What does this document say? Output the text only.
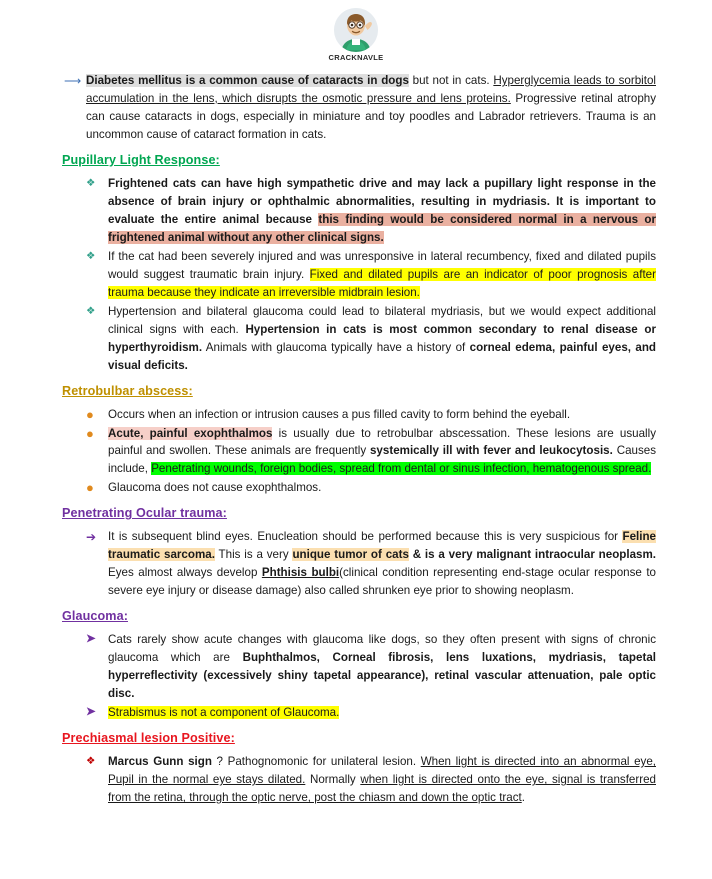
CRACKNAVLE
⟶ Diabetes mellitus is a common cause of cataracts in dogs but not in cats. Hyperglycemia leads to sorbitol accumulation in the lens, which disrupts the osmotic pressure and lens proteins. Progressive retinal atrophy can cause cataracts in dogs, especially in miniature and toy poodles and Labrador retrievers. Trauma is an uncommon cause of cataract formation in cats.
Pupillary Light Response:
❖	Frightened cats can have high sympathetic drive and may lack a pupillary light response in the absence of brain injury or ophthalmic abnormalities, resulting in mydriasis. It is important to evaluate the entire animal because this finding would be considered normal in a nervous or frightened animal without any other clinical signs.
❖	If the cat had been severely injured and was unresponsive in lateral recumbency, fixed and dilated pupils would suggest traumatic brain injury. Fixed and dilated pupils are an indicator of poor prognosis after trauma because they indicate an irreversible midbrain lesion.
❖	Hypertension and bilateral glaucoma could lead to bilateral mydriasis, but we would expect additional clinical signs with each. Hypertension in cats is most common secondary to renal disease or hyperthyroidism. Animals with glaucoma typically have a history of corneal edema, painful eyes, and visual deficits.
Retrobulbar abscess:
●	Occurs when an infection or intrusion causes a pus filled cavity to form behind the eyeball.
●	Acute, painful exophthalmos is usually due to retrobulbar abscessation. These lesions are usually painful and swollen. These animals are frequently systemically ill with fever and leukocytosis. Causes include, Penetrating wounds, foreign bodies, spread from dental or sinus infection, hematogenous spread.
●	Glaucoma does not cause exophthalmos.
Penetrating Ocular trauma:
➔	It is subsequent blind eyes. Enucleation should be performed because this is very suspicious for Feline traumatic sarcoma. This is a very unique tumor of cats & is a very malignant intraocular neoplasm. Eyes almost always develop Phthisis bulbi(clinical condition representing end-stage ocular response to severe eye injury or disease damage) also called shrunken eye prior to showing neoplasm.
Glaucoma:
➤	Cats rarely show acute changes with glaucoma like dogs, so they often present with signs of chronic glaucoma which are Buphthalmos, Corneal fibrosis, lens luxations, mydriasis, tapetal hyperreflectivity (excessively shiny tapetal appearance), retinal vascular attenuation, pale optic disc.
➤	Strabismus is not a component of Glaucoma.
Prechiasmal lesion Positive:
❖	Marcus Gunn sign ? Pathognomonic for unilateral lesion. When light is directed into an abnormal eye, Pupil in the normal eye stays dilated. Normally when light is directed onto the eye, signal is transferred from the retina, through the optic nerve, post the chiasm and down the optic tract.
